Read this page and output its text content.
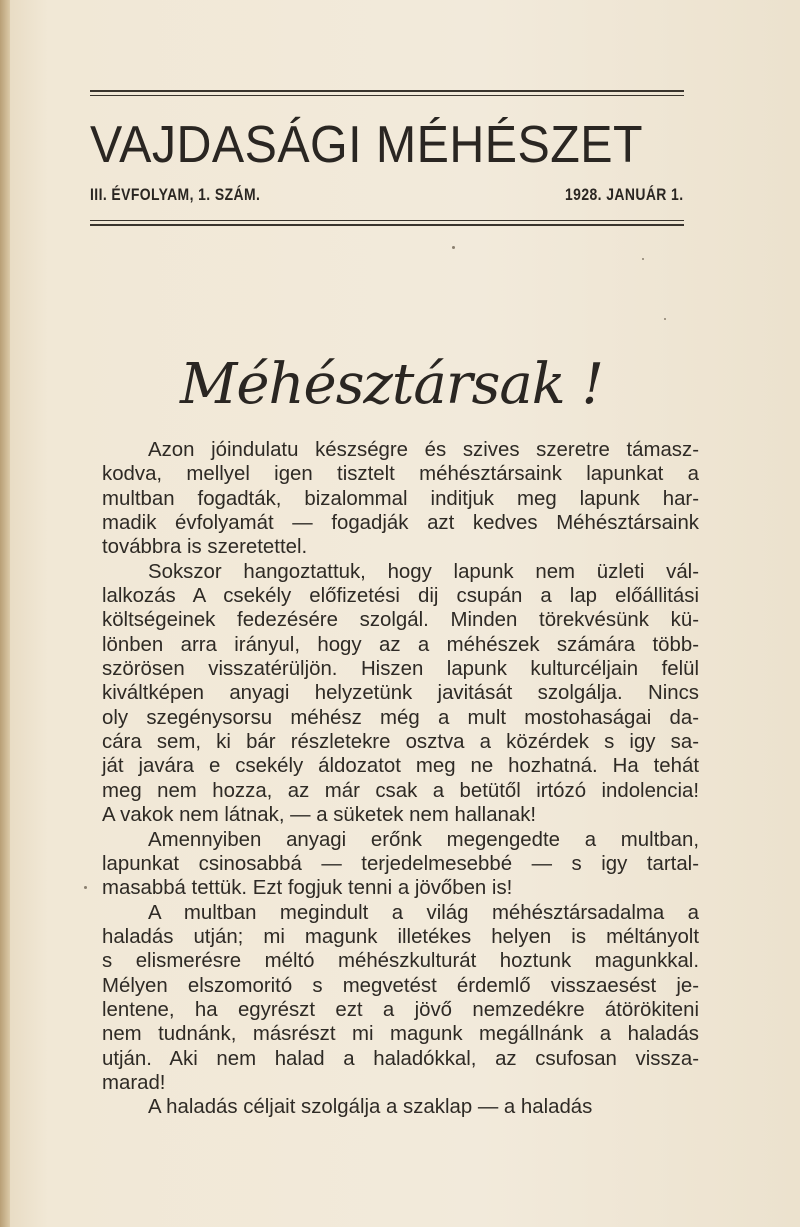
VAJDASÁGI MÉHÉSZET
III. ÉVFOLYAM, 1. SZÁM.	1928. JANUÁR 1.
Méhésztársak !
Azon jóindulatu készségre és szives szeretre támasz-
kodva, mellyel igen tisztelt méhésztársaink lapunkat a
multban fogadták, bizalommal inditjuk meg lapunk har-
madik évfolyamát — fogadják azt kedves Méhésztársaink
továbbra is szeretettel.
Sokszor hangoztattuk, hogy lapunk nem üzleti vál-
lalkozás A csekély előfizetési dij csupán a lap előállitási
költségeinek fedezésére szolgál. Minden törekvésünk kü-
lönben arra irányul, hogy az a méhészek számára több-
szörösen visszatérüljön. Hiszen lapunk kulturcéljain felül
kiváltképen anyagi helyzetünk javitását szolgálja. Nincs
oly szegénysorsu méhész még a mult mostohaságai da-
cára sem, ki bár részletekre osztva a közérdek s igy sa-
ját javára e csekély áldozatot meg ne hozhatná. Ha tehát
meg nem hozza, az már csak a betütől irtózó indolencia!
A vakok nem látnak, — a süketek nem hallanak!
Amennyiben anyagi erőnk megengedte a multban,
lapunkat csinosabbá — terjedelmesebbé — s igy tartal-
masabbá tettük. Ezt fogjuk tenni a jövőben is!
A multban megindult a világ méhésztársadalma a
haladás utján; mi magunk illetékes helyen is méltányolt
s elismerésre méltó méhészkulturát hoztunk magunkkal.
Mélyen elszomoritó s megvetést érdemlő visszaesést je-
lentene, ha egyrészt ezt a jövő nemzedékre átörökiteni
nem tudnánk, másrészt mi magunk megállnánk a haladás
utján. Aki nem halad a haladókkal, az csufosan vissza-
marad!
A haladás céljait szolgálja a szaklap — a haladás
